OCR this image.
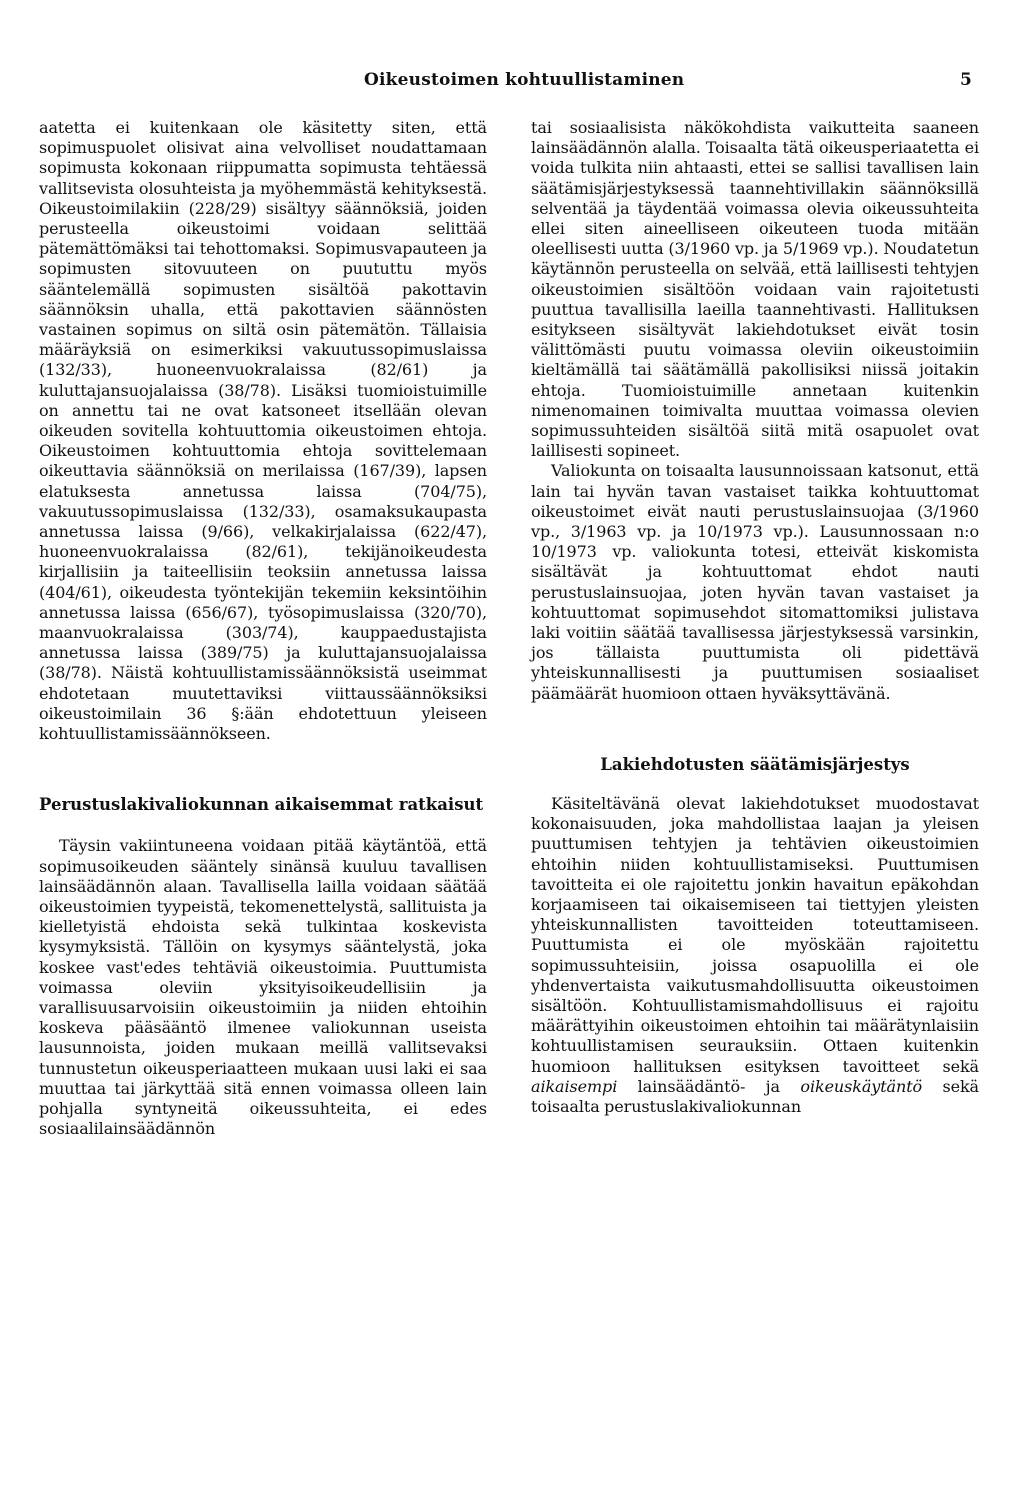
Oikeustoimen kohtuullistaminen	5

aatetta ei kuitenkaan ole käsitetty siten, että sopimuspuolet olisivat aina velvolliset noudattamaan sopimusta kokonaan riippumatta sopimusta tehtäessä vallitsevista olosuhteista ja myöhemmästä kehityksestä. Oikeustoimilakiin (228/29) sisältyy säännöksiä, joiden perusteella oikeustoimi voidaan selittää pätemättömäksi tai tehottomaksi. Sopimusvapauteen ja sopimusten sitovuuteen on puututtu myös sääntelemällä sopimusten sisältöä pakottavin säännöksin uhalla, että pakottavien säännösten vastainen sopimus on siltä osin pätemätön. Tällaisia määräyksiä on esimerkiksi vakuutussopimuslaissa (132/33), huoneenvuokralaissa (82/61) ja kuluttajansuojalaissa (38/78). Lisäksi tuomioistuimille on annettu tai ne ovat katsoneet itsellään olevan oikeuden sovitella kohtuuttomia oikeustoimen ehtoja. Oikeustoimen kohtuuttomia ehtoja sovittelemaan oikeuttavia säännöksiä on merilaissa (167/39), lapsen elatuksesta annetussa laissa (704/75), vakuutussopimuslaissa (132/33), osamaksukaupasta annetussa laissa (9/66), velkakirjalaissa (622/47), huoneenvuokralaissa (82/61), tekijänoikeudesta kirjallisiin ja taiteellisiin teoksiin annetussa laissa (404/61), oikeudesta työntekijän tekemiin keksintöihin annetussa laissa (656/67), työsopimuslaissa (320/70), maanvuokralaissa (303/74), kauppaedustajista annetussa laissa (389/75) ja kuluttajansuojalaissa (38/78). Näistä kohtuullistamissäännöksistä useimmat ehdotetaan muutettaviksi viittaussäännöksiksi oikeustoimilain 36 §:ään ehdotettuun yleiseen kohtuullistamissäännökseen.

Perustuslakivaliokunnan aikaisemmat ratkaisut

Täysin vakiintuneena voidaan pitää käytäntöä, että sopimusoikeuden sääntely sinänsä kuuluu tavallisen lainsäädännön alaan. Tavallisella lailla voidaan säätää oikeustoimien tyypeistä, tekomenettelystä, sallituista ja kielletyistä ehdoista sekä tulkintaa koskevista kysymyksistä. Tällöin on kysymys sääntelystä, joka koskee vast'edes tehtäviä oikeustoimia. Puuttumista voimassa oleviin yksityisoikeudellisiin ja varallisuusarvoisiin oikeustoimiin ja niiden ehtoihin koskeva pääsääntö ilmenee valiokunnan useista lausunnoista, joiden mukaan meillä vallitsevaksi tunnustetun oikeusperiaatteen mukaan uusi laki ei saa muuttaa tai järkyttää sitä ennen voimassa olleen lain pohjalla syntyneitä oikeussuhteita, ei edes sosiaalilainsäädännön

tai sosiaalisista näkökohdista vaikutteita saaneen lainsäädännön alalla. Toisaalta tätä oikeusperiaatetta ei voida tulkita niin ahtaasti, ettei se sallisi tavallisen lain säätämisjärjestyksessä taannehtivillakin säännöksillä selventää ja täydentää voimassa olevia oikeussuhteita ellei siten aineelliseen oikeuteen tuoda mitään oleellisesti uutta (3/1960 vp. ja 5/1969 vp.). Noudatetun käytännön perusteella on selvää, että laillisesti tehtyjen oikeustoimien sisältöön voidaan vain rajoitetusti puuttua tavallisilla laeilla taannehtivasti. Hallituksen esitykseen sisältyvät lakiehdotukset eivät tosin välittömästi puutu voimassa oleviin oikeustoimiin kieltämällä tai säätämällä pakollisiksi niissä joitakin ehtoja. Tuomioistuimille annetaan kuitenkin nimenomainen toimivalta muuttaa voimassa olevien sopimussuhteiden sisältöä siitä mitä osapuolet ovat laillisesti sopineet.

Valiokunta on toisaalta lausunnoissaan katsonut, että lain tai hyvän tavan vastaiset taikka kohtuuttomat oikeustoimet eivät nauti perustuslainsuojaa (3/1960 vp., 3/1963 vp. ja 10/1973 vp.). Lausunnossaan n:o 10/1973 vp. valiokunta totesi, etteivät kiskomista sisältävät ja kohtuuttomat ehdot nauti perustuslainsuojaa, joten hyvän tavan vastaiset ja kohtuuttomat sopimusehdot sitomattomiksi julistava laki voitiin säätää tavallisessa järjestyksessä varsinkin, jos tällaista puuttumista oli pidettävä yhteiskunnallisesti ja puuttumisen sosiaaliset päämäärät huomioon ottaen hyväksyttävänä.

Lakiehdotusten säätämisjärjestys

Käsiteltävänä olevat lakiehdotukset muodostavat kokonaisuuden, joka mahdollistaa laajan ja yleisen puuttumisen tehtyjen ja tehtävien oikeustoimien ehtoihin niiden kohtuullistamiseksi. Puuttumisen tavoitteita ei ole rajoitettu jonkin havaitun epäkohdan korjaamiseen tai oikaisemiseen tai tiettyjen yleisten yhteiskunnallisten tavoitteiden toteuttamiseen. Puuttumista ei ole myöskään rajoitettu sopimussuhteisiin, joissa osapuolilla ei ole yhdenvertaista vaikutusmahdollisuutta oikeustoimen sisältöön. Kohtuullistamismahdollisuus ei rajoitu määrättyihin oikeustoimen ehtoihin tai määrätynlaisiin kohtuullistamisen seurauksiin. Ottaen kuitenkin huomioon hallituksen esityksen tavoitteet sekä aikaisempi lainsäädäntö- ja oikeuskäytäntö sekä toisaalta perustuslakivaliokunnan
